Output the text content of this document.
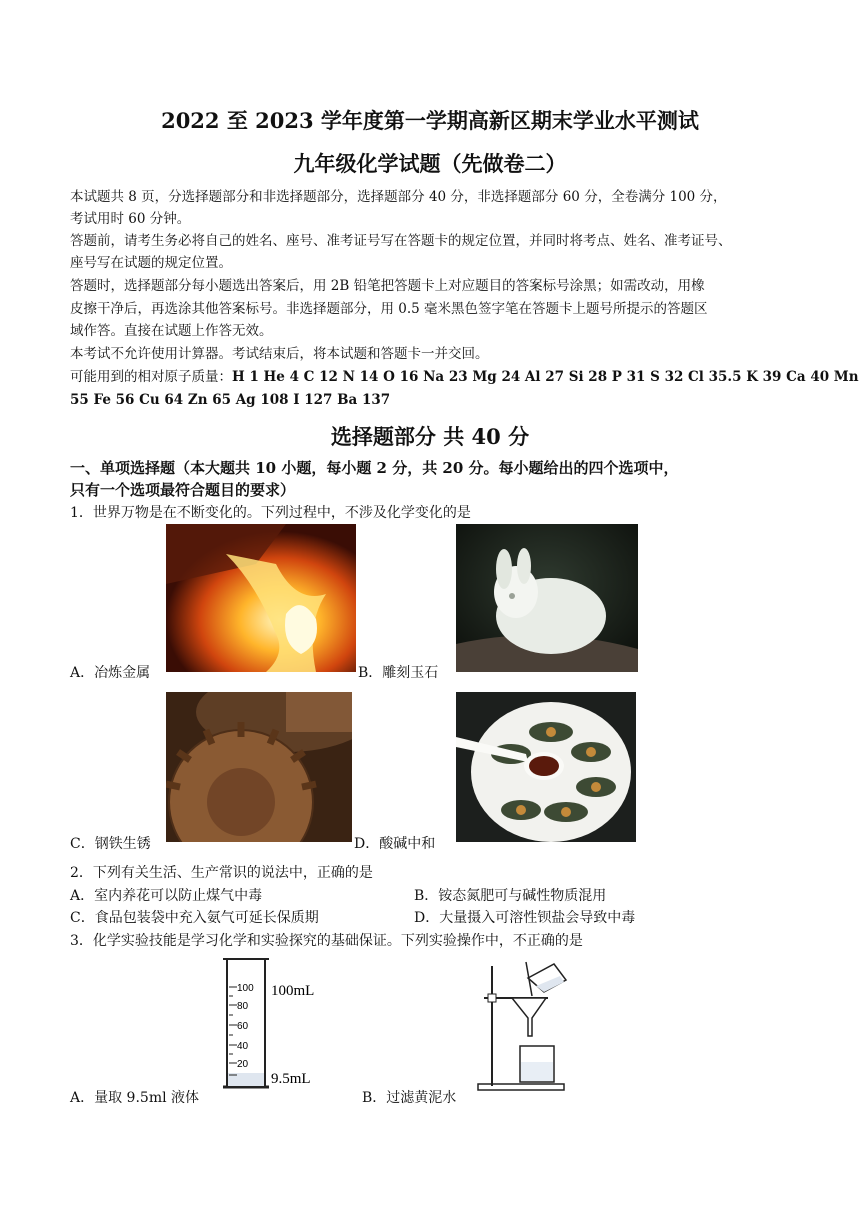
2022 至 2023 学年度第一学期高新区期末学业水平测试
九年级化学试题（先做卷二）
本试题共 8 页，分选择题部分和非选择题部分，选择题部分 40 分，非选择题部分 60 分，全卷满分 100 分，
考试用时 60 分钟。
答题前，请考生务必将自己的姓名、座号、准考证号写在答题卡的规定位置，并同时将考点、姓名、准考证号、
座号写在试题的规定位置。
答题时，选择题部分每小题选出答案后，用 2B 铅笔把答题卡上对应题目的答案标号涂黑；如需改动，用橡
皮擦干净后，再选涂其他答案标号。非选择题部分，用 0.5 毫米黑色签字笔在答题卡上题号所提示的答题区
域作答。直接在试题上作答无效。
本考试不允许使用计算器。考试结束后，将本试题和答题卡一并交回。
可能用到的相对原子质量：H 1 He 4 C 12 N 14 O 16 Na 23 Mg 24 Al 27 Si 28 P 31 S 32 Cl 35.5 K 39 Ca 40 Mn
55 Fe 56 Cu 64 Zn 65 Ag 108 I 127 Ba 137
选择题部分 共 40 分
一、单项选择题（本大题共 10 小题，每小题 2 分，共 20 分。每小题给出的四个选项中，
只有一个选项最符合题目的要求）
1．世界万物是在不断变化的。下列过程中，不涉及化学变化的是
A．冶炼金属	B．雕刻玉石
C．钢铁生锈	D．酸碱中和
2．下列有关生活、生产常识的说法中，正确的是
A．室内养花可以防止煤气中毒	B．铵态氮肥可与碱性物质混用
C．食品包装袋中充入氨气可延长保质期	D．大量摄入可溶性钡盐会导致中毒
3．化学实验技能是学习化学和实验探究的基础保证。下列实验操作中，不正确的是
100
80
60
40
20
100mL
9.5mL
A．量取 9.5ml 液体	B．过滤黄泥水
